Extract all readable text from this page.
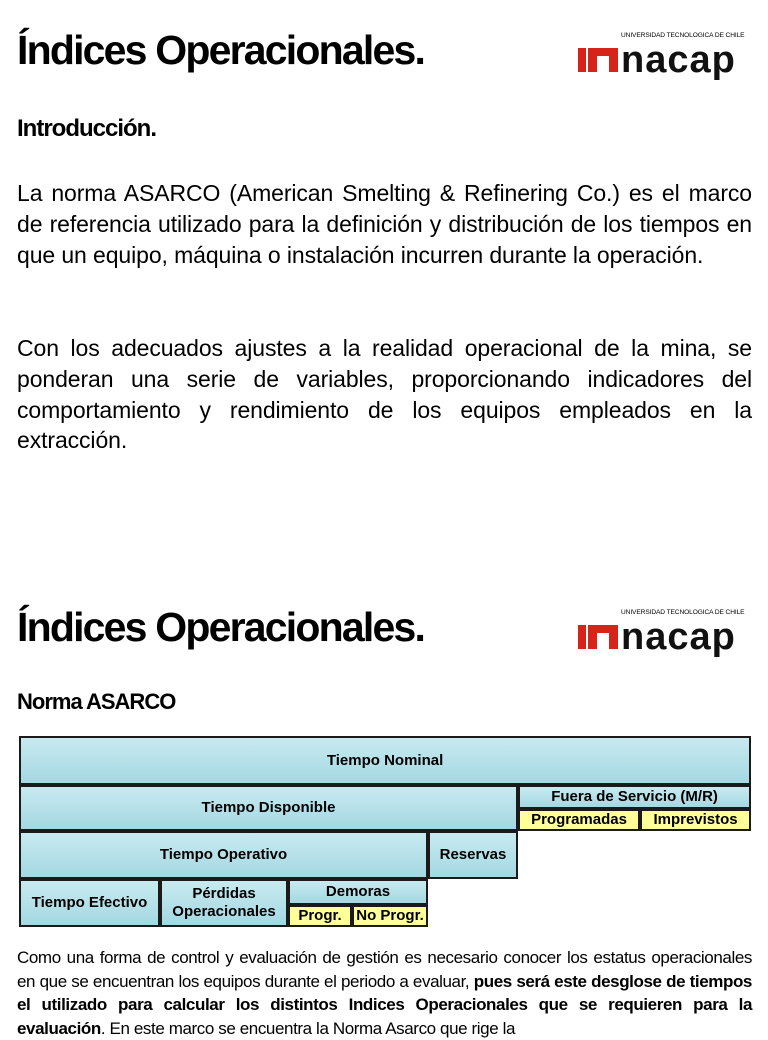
Índices Operacionales.	UNIVERSIDAD TECNOLOGICA DE CHILE
nacap
Introducción.

La norma ASARCO (American Smelting & Refinering Co.) es el marco de referencia utilizado para la definición y distribución de los tiempos en que un equipo, máquina o instalación incurren durante la operación.

Con los adecuados ajustes a la realidad operacional de la mina, se ponderan una serie de variables, proporcionando indicadores del comportamiento y rendimiento de los equipos empleados en la extracción.

Índices Operacionales.	UNIVERSIDAD TECNOLOGICA DE CHILE
nacap
Norma ASARCO
Tiempo Nominal						
Tiempo Disponible					Fuera de Servicio (M/R)	
					Programadas	Imprevistos
Tiempo Operativo				Reservas		
Tiempo Efectivo	Pérdidas Operacionales	Demoras				
		Progr.	No Progr.			

Como una forma de control y evaluación de gestión es necesario conocer los estatus operacionales en que se encuentran los equipos durante el periodo a evaluar, pues será este desglose de tiempos el utilizado para calcular los distintos Indices Operacionales que se requieren para la evaluación. En este marco se encuentra la Norma Asarco que rige la
